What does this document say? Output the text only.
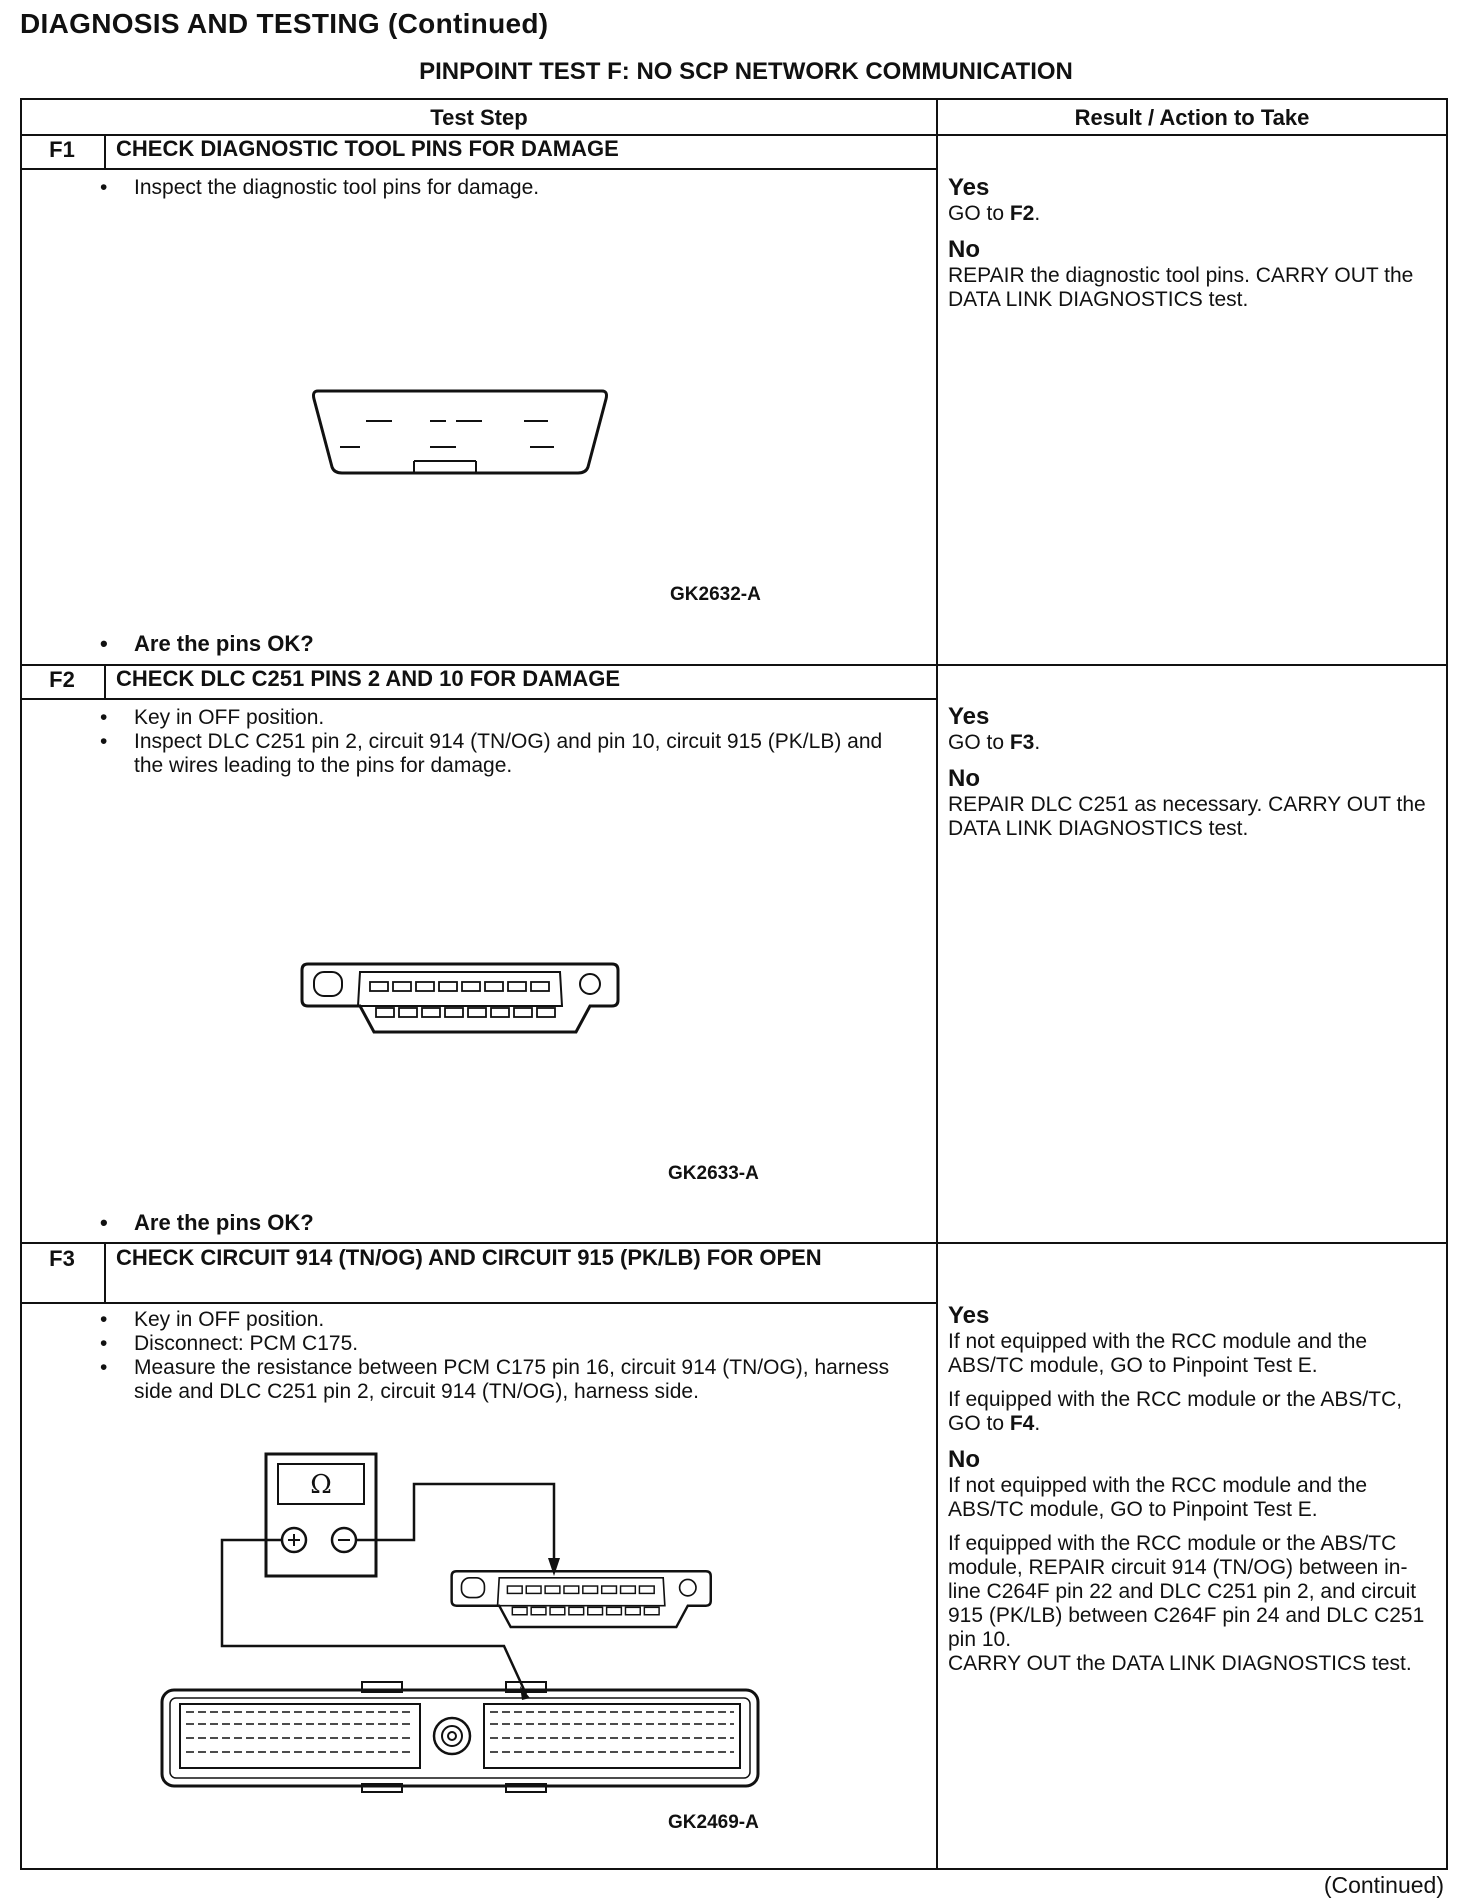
DIAGNOSIS AND TESTING (Continued)
PINPOINT TEST F: NO SCP NETWORK COMMUNICATION
Test Step	Result / Action to Take
F1	CHECK DIAGNOSTIC TOOL PINS FOR DAMAGE
• Inspect the diagnostic tool pins for damage.
GK2632-A
• Are the pins OK?
Yes

GO to F2.

No

REPAIR the diagnostic tool pins. CARRY OUT the DATA LINK DIAGNOSTICS test.

F2	CHECK DLC C251 PINS 2 AND 10 FOR DAMAGE
• Key in OFF position.
• Inspect DLC C251 pin 2, circuit 914 (TN/OG) and pin 10, circuit 915 (PK/LB) and the wires leading to the pins for damage.
GK2633-A
• Are the pins OK?
Yes

GO to F3.

No

REPAIR DLC C251 as necessary. CARRY OUT the DATA LINK DIAGNOSTICS test.

F3	CHECK CIRCUIT 914 (TN/OG) AND CIRCUIT 915 (PK/LB) FOR OPEN
• Key in OFF position.
• Disconnect: PCM C175.
• Measure the resistance between PCM C175 pin 16, circuit 914 (TN/OG), harness side and DLC C251 pin 2, circuit 914 (TN/OG), harness side.
Ω
GK2469-A
Yes

If not equipped with the RCC module and the ABS/TC module, GO to Pinpoint Test E.

If equipped with the RCC module or the ABS/TC, GO to F4.

No

If not equipped with the RCC module and the ABS/TC module, GO to Pinpoint Test E.

If equipped with the RCC module or the ABS/TC module, REPAIR circuit 914 (TN/OG) between in-line C264F pin 22 and DLC C251 pin 2, and circuit 915 (PK/LB) between C264F pin 24 and DLC C251 pin 10.

CARRY OUT the DATA LINK DIAGNOSTICS test.

(Continued)
